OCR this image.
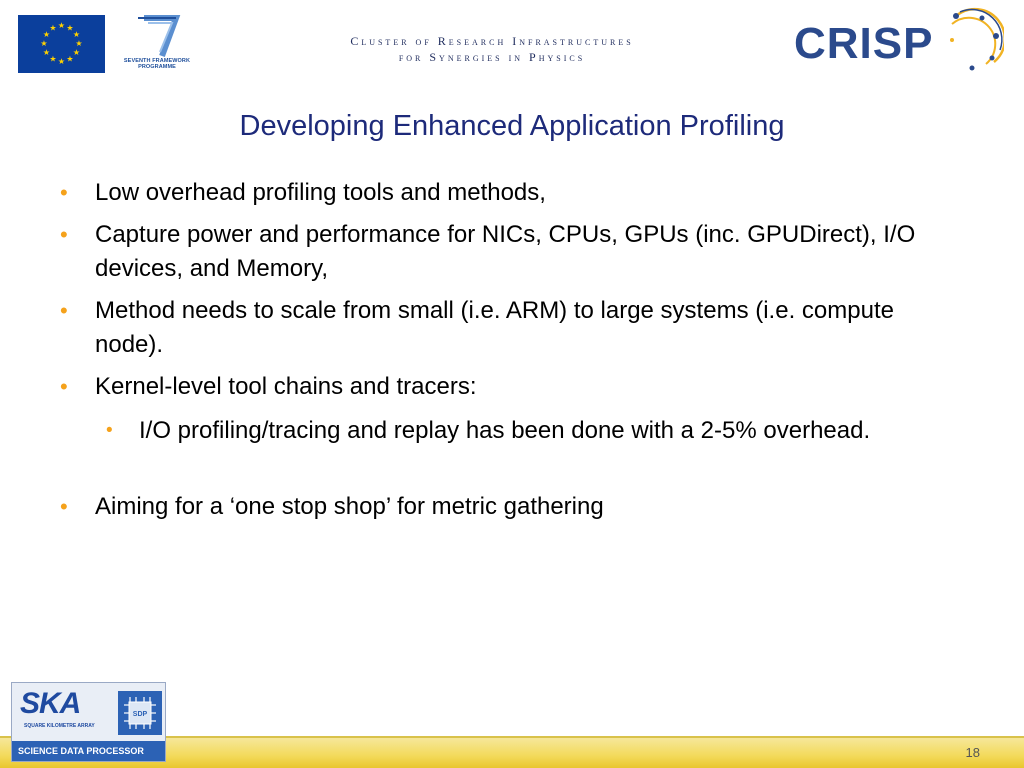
★ ★
★
★
★
★
★
★
★
★
★
★
SEVENTH FRAMEWORK PROGRAMME
Cluster of Research Infrastructures
for Synergies in Physics	CRISP
Developing Enhanced Application Profiling
• Low overhead profiling tools and methods,
• Capture power and performance for NICs, CPUs, GPUs (inc. GPUDirect), I/O devices, and Memory,
• Method needs to scale from small (i.e. ARM) to large systems (i.e. compute node).
• Kernel-level tool chains and tracers:
• I/O profiling/tracing and replay has been done with a 2-5% overhead.
• Aiming for a ‘one stop shop’ for metric gathering
18
SKA
SQUARE KILOMETRE ARRAY
SDP
SCIENCE DATA PROCESSOR
